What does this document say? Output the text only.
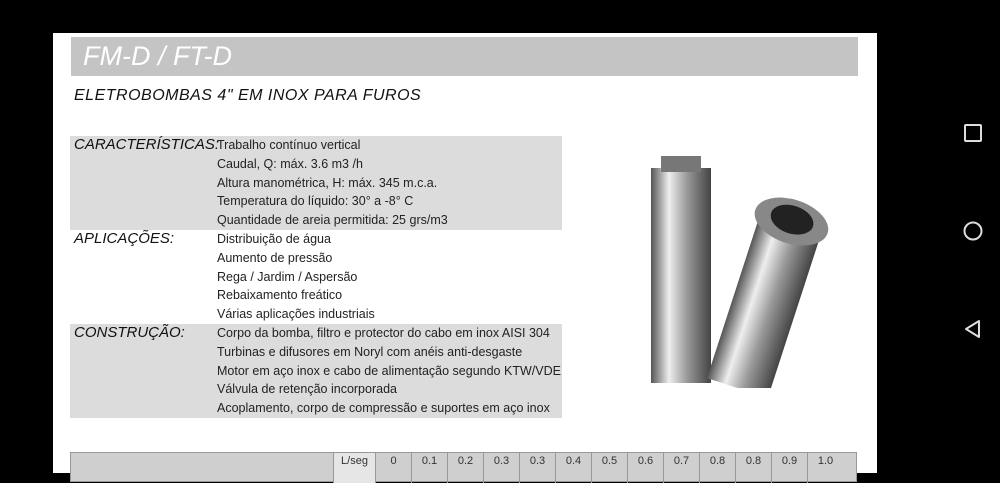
FM-D / FT-D
ELETROBOMBAS 4" EM INOX PARA FUROS
CARACTERÍSTICAS:
Trabalho contínuo vertical
Caudal, Q: máx. 3.6 m3 /h
Altura manométrica, H: máx. 345 m.c.a.
Temperatura do líquido: 30° a -8° C
Quantidade de areia permitida: 25 grs/m3
APLICAÇÕES:	Distribuição de água
Aumento de pressão
Rega / Jardim / Aspersão
Rebaixamento freático
Várias aplicações industriais
CONSTRUÇÃO:	Corpo da bomba, filtro e protector do cabo em inox AISI 304
Turbinas e difusores em Noryl com anéis anti-desgaste
Motor em aço inox e cabo de alimentação segundo KTW/VDE
Válvula de retenção incorporada
Acoplamento, corpo de compressão e suportes em aço inox
L/seg	0	0.1	0.2	0.3	0.3	0.4	0.5	0.6	0.7	0.8	0.8	0.9	1.0
